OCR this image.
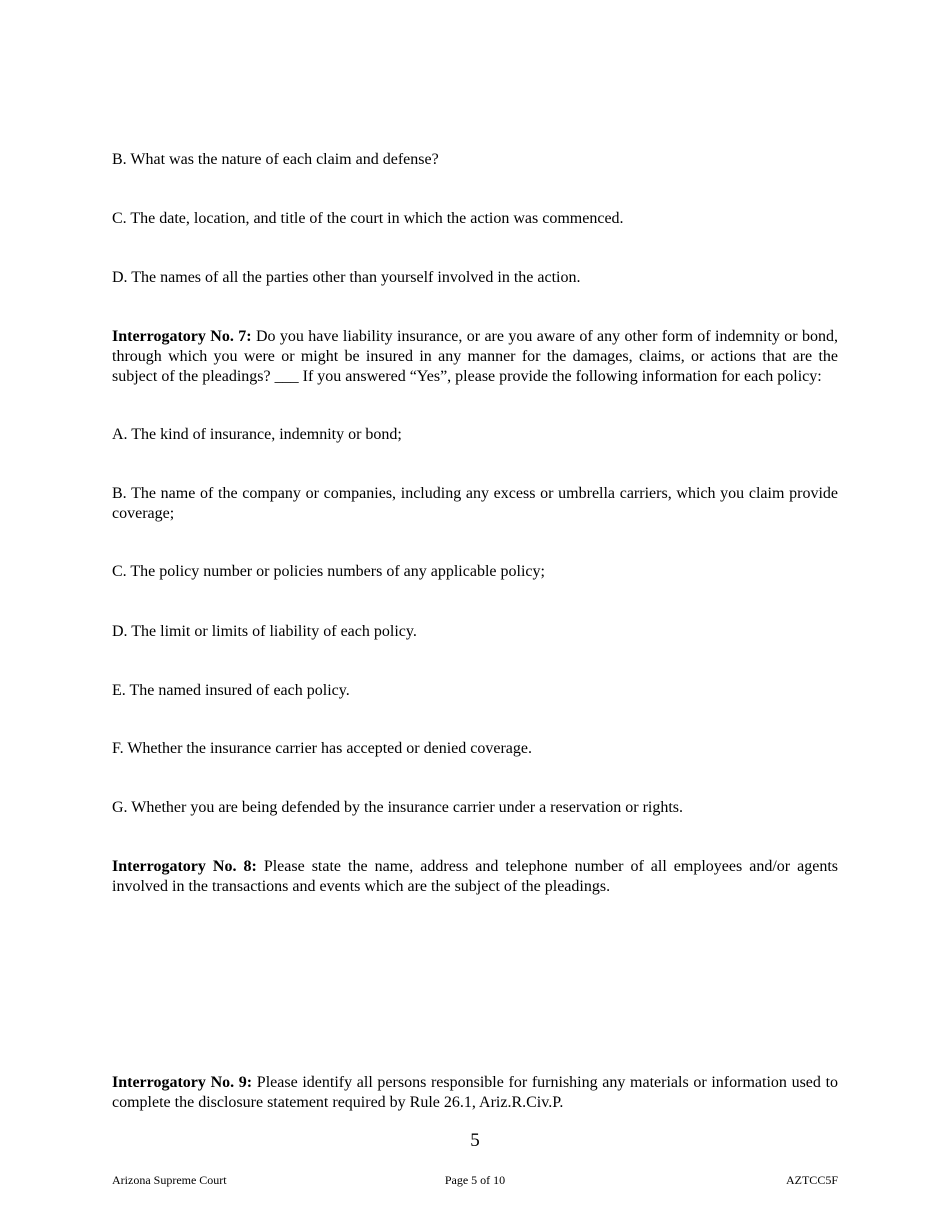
B. What was the nature of each claim and defense?

C. The date, location, and title of the court in which the action was commenced.

D. The names of all the parties other than yourself involved in the action.

Interrogatory No. 7: Do you have liability insurance, or are you aware of any other form of indemnity or bond, through which you were or might be insured in any manner for the damages, claims, or actions that are the subject of the pleadings? ___ If you answered “Yes”, please provide the following information for each policy:

A. The kind of insurance, indemnity or bond;

B. The name of the company or companies, including any excess or umbrella carriers, which you claim provide coverage;

C. The policy number or policies numbers of any applicable policy;

D. The limit or limits of liability of each policy.

E. The named insured of each policy.

F. Whether the insurance carrier has accepted or denied coverage.

G. Whether you are being defended by the insurance carrier under a reservation or rights.

Interrogatory No. 8: Please state the name, address and telephone number of all employees and/or agents involved in the transactions and events which are the subject of the pleadings.

Interrogatory No. 9: Please identify all persons responsible for furnishing any materials or information used to complete the disclosure statement required by Rule 26.1, Ariz.R.Civ.P.

5
Arizona Supreme Court	Page 5 of 10	AZTCC5F
